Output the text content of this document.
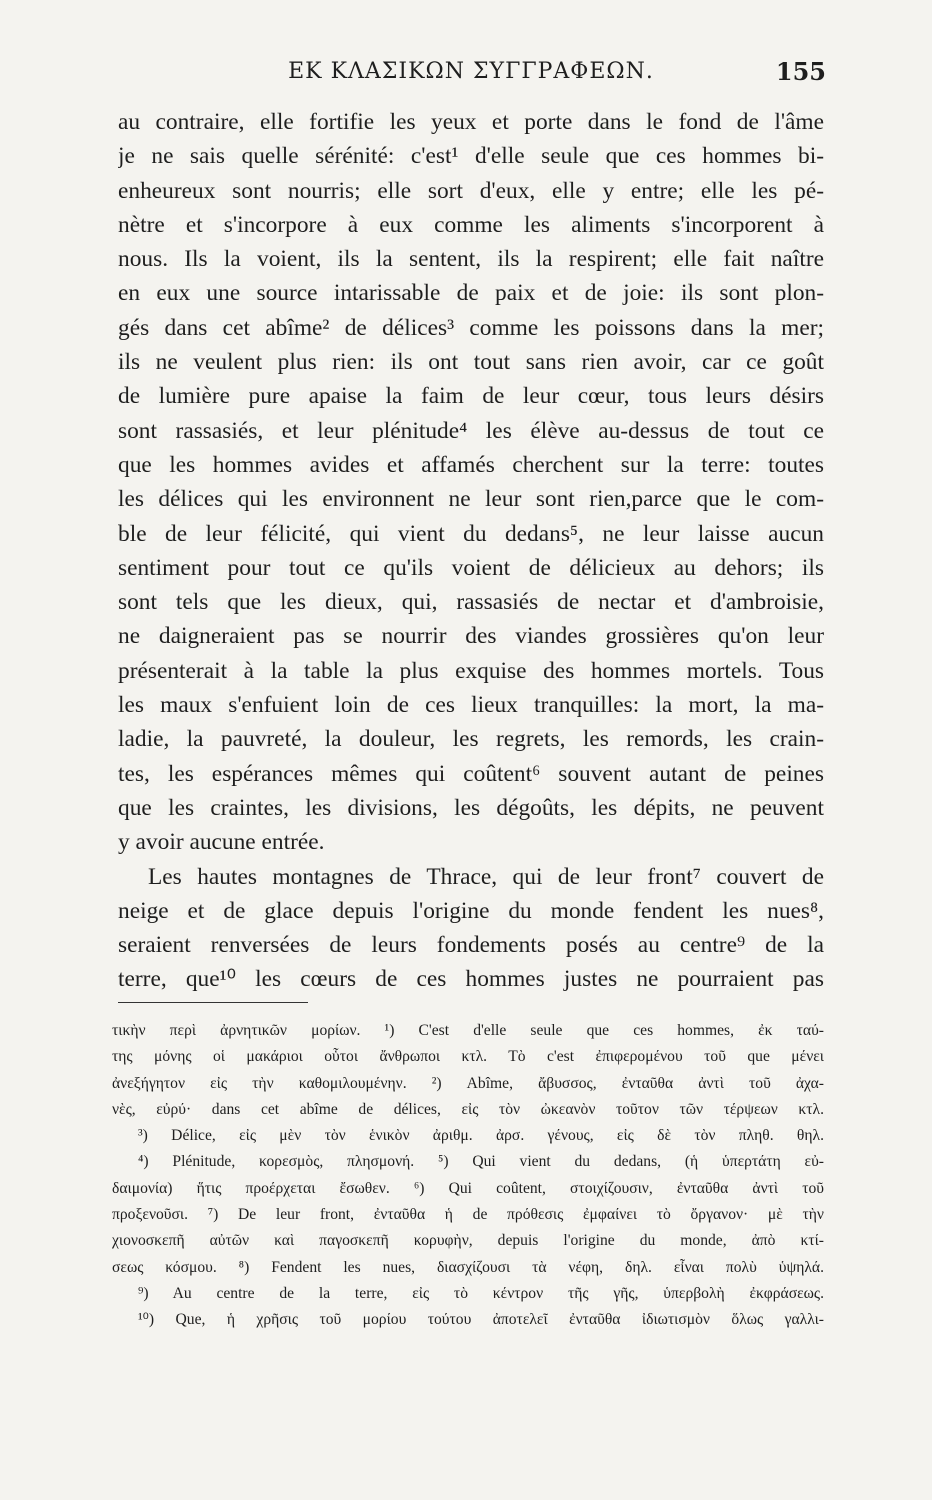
ΕΚ ΚΛΑΣΙΚΩΝ ΣΥΓΓΡΑΦΕΩΝ.	155
au contraire, elle fortifie les yeux et porte dans le fond de l'âme
je ne sais quelle sérénité: c'est¹ d'elle seule que ces hommes bi-
enheureux sont nourris; elle sort d'eux, elle y entre; elle les pé-
nètre et s'incorpore à eux comme les aliments s'incorporent à
nous. Ils la voient, ils la sentent, ils la respirent; elle fait naître
en eux une source intarissable de paix et de joie: ils sont plon-
gés dans cet abîme² de délices³ comme les poissons dans la mer;
ils ne veulent plus rien: ils ont tout sans rien avoir, car ce goût
de lumière pure apaise la faim de leur cœur, tous leurs désirs
sont rassasiés, et leur plénitude⁴ les élève au-dessus de tout ce
que les hommes avides et affamés cherchent sur la terre: toutes
les délices qui les environnent ne leur sont rien,parce que le com-
ble de leur félicité, qui vient du dedans⁵, ne leur laisse aucun
sentiment pour tout ce qu'ils voient de délicieux au dehors; ils
sont tels que les dieux, qui, rassasiés de nectar et d'ambroisie,
ne daigneraient pas se nourrir des viandes grossières qu'on leur
présenterait à la table la plus exquise des hommes mortels. Tous
les maux s'enfuient loin de ces lieux tranquilles: la mort, la ma-
ladie, la pauvreté, la douleur, les regrets, les remords, les crain-
tes, les espérances mêmes qui coûtent⁶ souvent autant de peines
que les craintes, les divisions, les dégoûts, les dépits, ne peuvent
y avoir aucune entrée.
Les hautes montagnes de Thrace, qui de leur front⁷ couvert de
neige et de glace depuis l'origine du monde fendent les nues⁸,
seraient renversées de leurs fondements posés au centre⁹ de la
terre, que¹⁰ les cœurs de ces hommes justes ne pourraient pas
τικὴν περὶ ἀρνητικῶν μορίων. ¹) C'est d'elle seule que ces hommes, ἐκ ταύ-
της μόνης οἱ μακάριοι οὗτοι ἄνθρωποι κτλ. Τὸ c'est ἐπιφερομένου τοῦ que μένει
ἀνεξήγητον εἰς τὴν καθομιλουμένην. ²) Abîme, ἄβυσσος, ἐνταῦθα ἀντὶ τοῦ ἀχα-
νὲς, εὐρύ· dans cet abîme de délices, εἰς τὸν ὠκεανὸν τοῦτον τῶν τέρψεων κτλ.
³) Délice, εἰς μὲν τὸν ἑνικὸν ἀριθμ. ἀρσ. γένους, εἰς δὲ τὸν πληθ. θηλ.
⁴) Plénitude, κορεσμὸς, πλησμονή. ⁵) Qui vient du dedans, (ἡ ὑπερτάτη εὐ-
δαιμονία) ἥτις προέρχεται ἔσωθεν. ⁶) Qui coûtent, στοιχίζουσιν, ἐνταῦθα ἀντὶ τοῦ
προξενοῦσι. ⁷) De leur front, ἐνταῦθα ἡ de πρόθεσις ἐμφαίνει τὸ ὄργανον· μὲ τὴν
χιονοσκεπῆ αὐτῶν καὶ παγοσκεπῆ κορυφὴν, depuis l'origine du monde, ἀπὸ κτί-
σεως κόσμου. ⁸) Fendent les nues, διασχίζουσι τὰ νέφη, δηλ. εἶναι πολὺ ὑψηλά.
⁹) Au centre de la terre, εἰς τὸ κέντρον τῆς γῆς, ὑπερβολὴ ἐκφράσεως.
¹⁰) Que, ἡ χρῆσις τοῦ μορίου τούτου ἀποτελεῖ ἐνταῦθα ἰδιωτισμὸν ὅλως γαλλι-
